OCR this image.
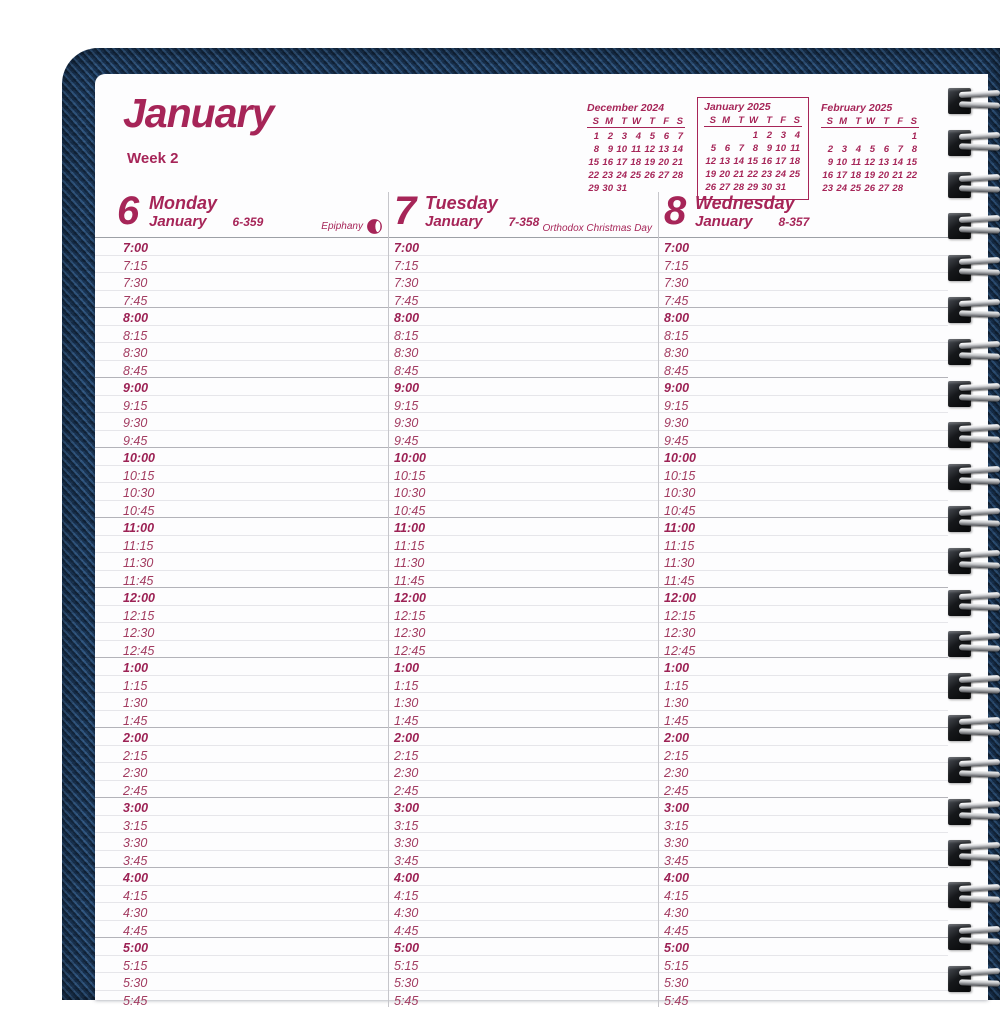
January
Week 2
December 2024
S M T W T F S
1 2 3 4 5 6 7
8 9 10 11 12 13 14
15 16 17 18 19 20 21
22 23 24 25 26 27 28
29 30 31
January 2025
S M T W T F S
1 2 3 4
5 6 7 8 9 10 11
12 13 14 15 16 17 18
19 20 21 22 23 24 25
26 27 28 29 30 31
February 2025
S M T W T F S
1
2 3 4 5 6 7 8
9 10 11 12 13 14 15
16 17 18 19 20 21 22
23 24 25 26 27 28
6 Monday
January 6-359	Epiphany
7:00
7:15
7:30
7:45
8:00
8:15
8:30
8:45
9:00
9:15
9:30
9:45
10:00
10:15
10:30
10:45
11:00
11:15
11:30
11:45
12:00
12:15
12:30
12:45
1:00
1:15
1:30
1:45
2:00
2:15
2:30
2:45
3:00
3:15
3:30
3:45
4:00
4:15
4:30
4:45
5:00
5:15
5:30
5:45
7 Tuesday
January 7-358 Orthodox Christmas Day
7:00
7:15
7:30
7:45
8:00
8:15
8:30
8:45
9:00
9:15
9:30
9:45
10:00
10:15
10:30
10:45
11:00
11:15
11:30
11:45
12:00
12:15
12:30
12:45
1:00
1:15
1:30
1:45
2:00
2:15
2:30
2:45
3:00
3:15
3:30
3:45
4:00
4:15
4:30
4:45
5:00
5:15
5:30
5:45
8 Wednesday
January 8-357
7:00
7:15
7:30
7:45
8:00
8:15
8:30
8:45
9:00
9:15
9:30
9:45
10:00
10:15
10:30
10:45
11:00
11:15
11:30
11:45
12:00
12:15
12:30
12:45
1:00
1:15
1:30
1:45
2:00
2:15
2:30
2:45
3:00
3:15
3:30
3:45
4:00
4:15
4:30
4:45
5:00
5:15
5:30
5:45
